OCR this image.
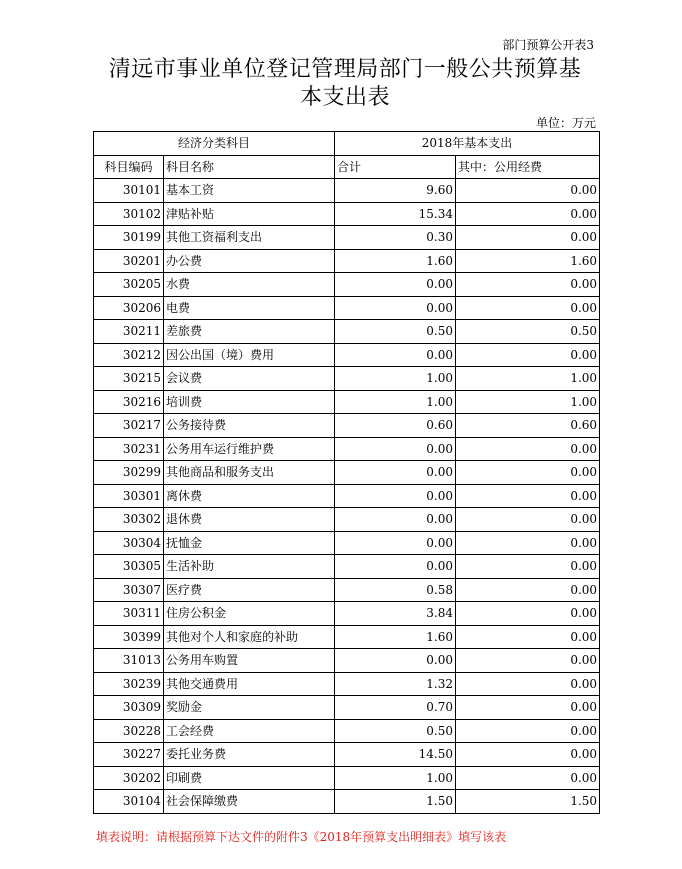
部门预算公开表3
清远市事业单位登记管理局部门一般公共预算基
本支出表
单位：万元
经济分类科目		2018年基本支出	
科目编码	科目名称	合计	其中：公用经费
30101	基本工资	9.60	0.00
30102	津贴补贴	15.34	0.00
30199	其他工资福利支出	0.30	0.00
30201	办公费	1.60	1.60
30205	水费	0.00	0.00
30206	电费	0.00	0.00
30211	差旅费	0.50	0.50
30212	因公出国（境）费用	0.00	0.00
30215	会议费	1.00	1.00
30216	培训费	1.00	1.00
30217	公务接待费	0.60	0.60
30231	公务用车运行维护费	0.00	0.00
30299	其他商品和服务支出	0.00	0.00
30301	离休费	0.00	0.00
30302	退休费	0.00	0.00
30304	抚恤金	0.00	0.00
30305	生活补助	0.00	0.00
30307	医疗费	0.58	0.00
30311	住房公积金	3.84	0.00
30399	其他对个人和家庭的补助	1.60	0.00
31013	公务用车购置	0.00	0.00
30239	其他交通费用	1.32	0.00
30309	奖励金	0.70	0.00
30228	工会经费	0.50	0.00
30227	委托业务费	14.50	0.00
30202	印刷费	1.00	0.00
30104	社会保障缴费	1.50	1.50
填表说明：请根据预算下达文件的附件3《2018年预算支出明细表》填写该表
